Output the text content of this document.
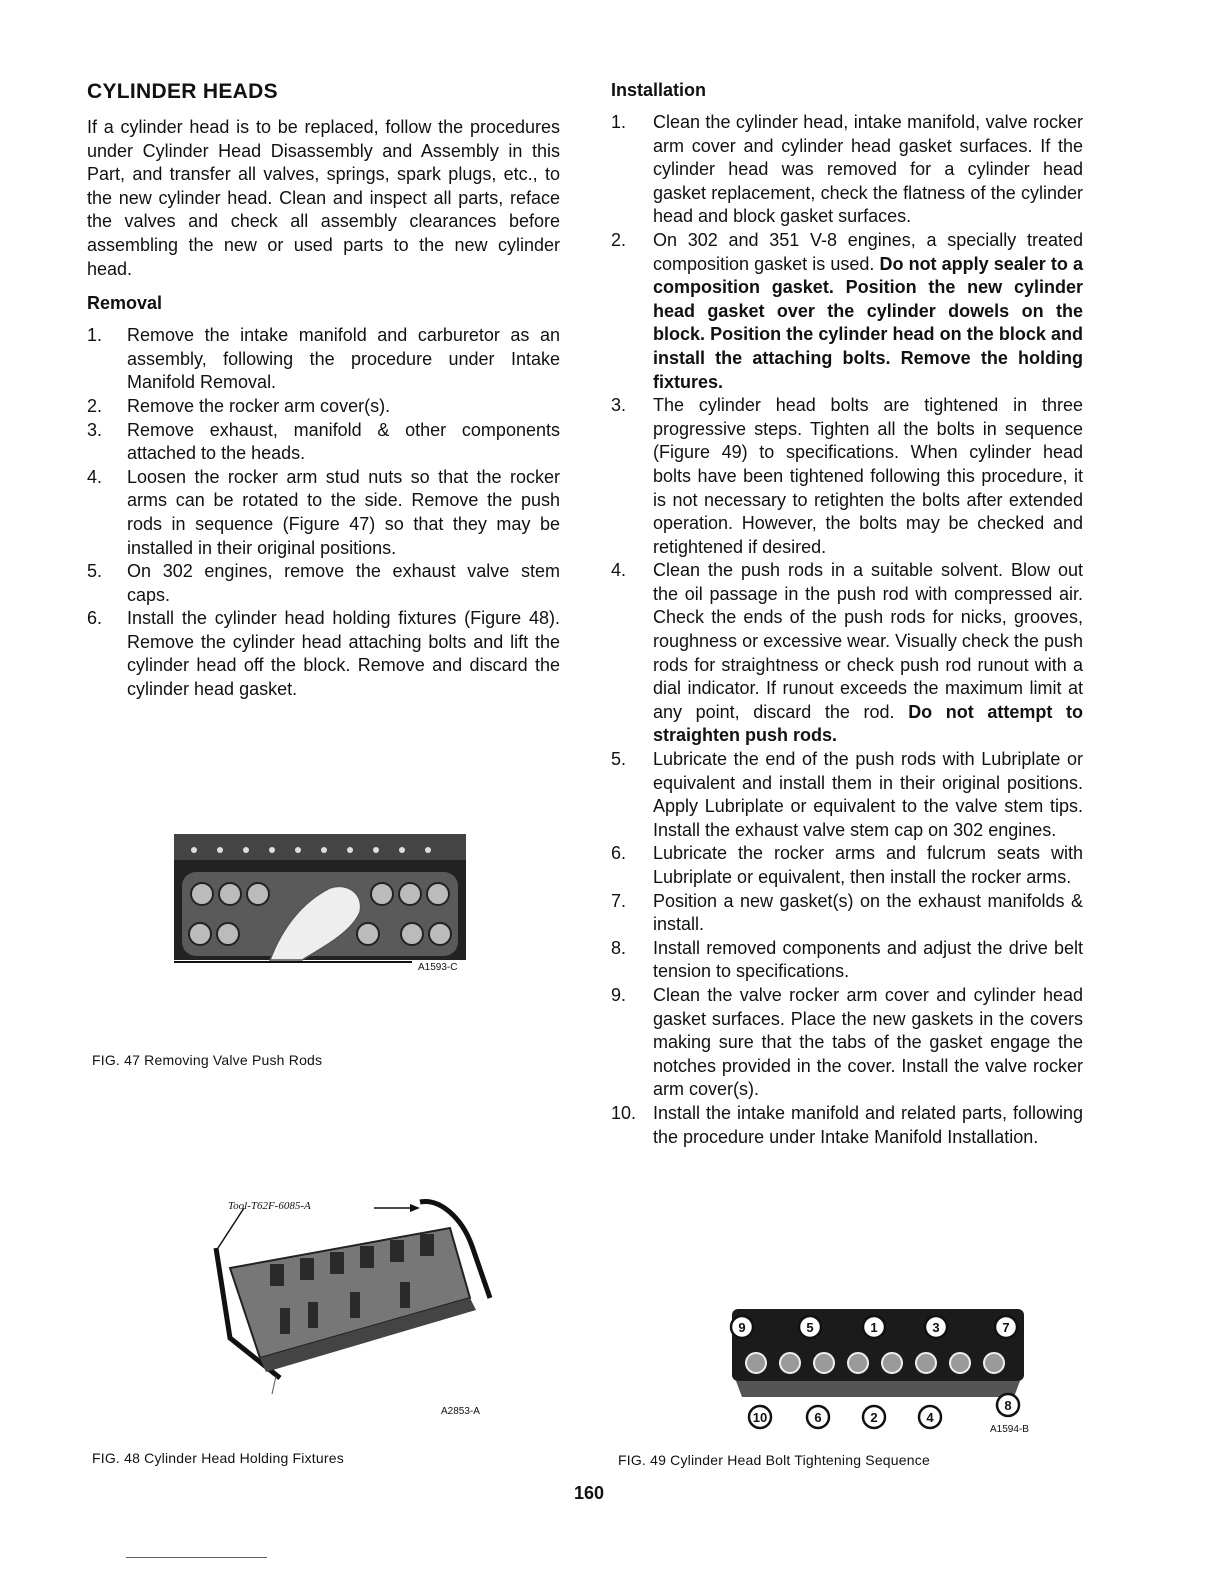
CYLINDER HEADS

If a cylinder head is to be replaced, follow the procedures under Cylinder Head Disassembly and Assembly in this Part, and transfer all valves, springs, spark plugs, etc., to the new cylinder head. Clean and inspect all parts, reface the valves and check all assembly clearances before assembling the new or used parts to the new cylinder head.

Removal
1. Remove the intake manifold and carburetor as an assembly, following the procedure under Intake Manifold Removal.
2. Remove the rocker arm cover(s).
3. Remove exhaust, manifold & other components attached to the heads.
4. Loosen the rocker arm stud nuts so that the rocker arms can be rotated to the side. Remove the push rods in sequence (Figure 47) so that they may be installed in their original positions.
5. On 302 engines, remove the exhaust valve stem caps.
6. Install the cylinder head holding fixtures (Figure 48). Remove the cylinder head attaching bolts and lift the cylinder head off the block. Remove and discard the cylinder head gasket.
Installation
1. Clean the cylinder head, intake manifold, valve rocker arm cover and cylinder head gasket surfaces. If the cylinder head was removed for a cylinder head gasket replacement, check the flatness of the cylinder head and block gasket surfaces.
2. On 302 and 351 V-8 engines, a specially treated composition gasket is used. Do not apply sealer to a composition gasket. Position the new cylinder head gasket over the cylinder dowels on the block. Position the cylinder head on the block and install the attaching bolts. Remove the holding fixtures.
3. The cylinder head bolts are tightened in three progressive steps. Tighten all the bolts in sequence (Figure 49) to specifications. When cylinder head bolts have been tightened following this procedure, it is not necessary to retighten the bolts after extended operation. However, the bolts may be checked and retightened if desired.
4. Clean the push rods in a suitable solvent. Blow out the oil passage in the push rod with compressed air. Check the ends of the push rods for nicks, grooves, roughness or excessive wear. Visually check the push rods for straightness or check push rod runout with a dial indicator. If runout exceeds the maximum limit at any point, discard the rod. Do not attempt to straighten push rods.
5. Lubricate the end of the push rods with Lubriplate or equivalent and install them in their original positions. Apply Lubriplate or equivalent to the valve stem tips. Install the exhaust valve stem cap on 302 engines.
6. Lubricate the rocker arms and fulcrum seats with Lubriplate or equivalent, then install the rocker arms.
7. Position a new gasket(s) on the exhaust manifolds & install.
8. Install removed components and adjust the drive belt tension to specifications.
9. Clean the valve rocker arm cover and cylinder head gasket surfaces. Place the new gaskets in the covers making sure that the tabs of the gasket engage the notches provided in the cover. Install the valve rocker arm cover(s).
10. Install the intake manifold and related parts, following the procedure under Intake Manifold Installation.
A1593-C
FIG. 47 Removing Valve Push Rods
Tool-T62F-6085-A
A2853-A
FIG. 48 Cylinder Head Holding Fixtures
9	5	1	3	7
10	6	2	4
8
A1594-B
FIG. 49 Cylinder Head Bolt Tightening Sequence
160
